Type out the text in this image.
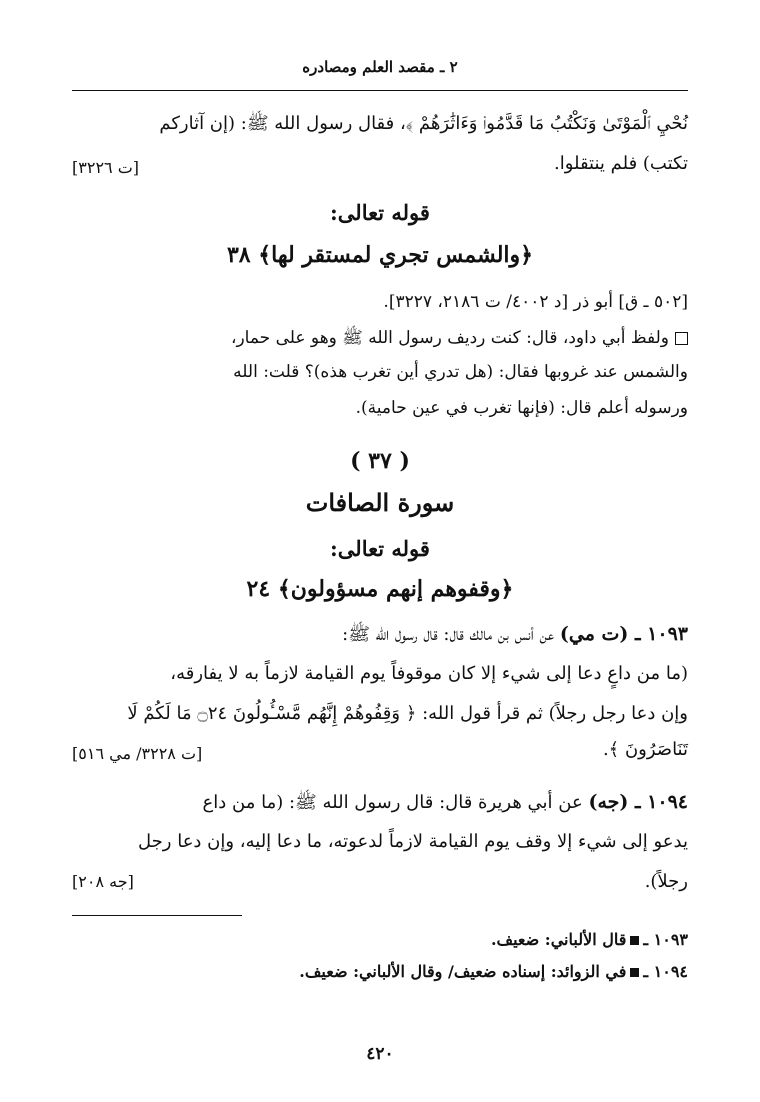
٢ ـ مقصد العلم ومصادره
نُحْيِ ٱلْمَوْتَىٰ وَنَكْتُبُ مَا قَدَّمُوا۟ وَءَاثَٰرَهُمْ ﴾، فقال رسول الله ﷺ: (إن آثاركم
تكتب) فلم ينتقلوا.
[ت ٣٢٢٦]
قوله تعالى:
﴿والشمس تجري لمستقر لها﴾ ٣٨
[٥٠٢ ـ ق] أبو ذر [د ٤٠٠٢/ ت ٢١٨٦، ٣٢٢٧].
ولفظ أبي داود، قال: كنت رديف رسول الله ﷺ وهو على حمار،
والشمس عند غروبها فقال: (هل تدري أين تغرب هذه)؟ قلت: الله
ورسوله أعلم قال: (فإنها تغرب في عين حامية).
( ٣٧ )
سورة الصافات
قوله تعالى:
﴿وقفوهم إنهم مسؤولون﴾ ٢٤
١٠٩٣ ـ (ت مي) عن أنس بن مالك قال: قال رسول الله ﷺ:
(ما من داعٍ دعا إلى شيء إلا كان موقوفاً يوم القيامة لازماً به لا يفارقه،
وإن دعا رجل رجلاً) ثم قرأ قول الله: ﴿ وَقِفُوهُمْ إِنَّهُم مَّسْـُٔولُونَ ۝٢٤ مَا لَكُمْ لَا
تَنَاصَرُونَ ﴾.
[ت ٣٢٢٨/ مي ٥١٦]
١٠٩٤ ـ (جه) عن أبي هريرة قال: قال رسول الله ﷺ: (ما من داع
يدعو إلى شيء إلا وقف يوم القيامة لازماً لدعوته، ما دعا إليه، وإن دعا رجل
رجلاً).
[جه ٢٠٨]
١٠٩٣ ـقال الألباني: ضعيف.
١٠٩٤ ـفي الزوائد: إسناده ضعيف/ وقال الألباني: ضعيف.
٤٢٠
